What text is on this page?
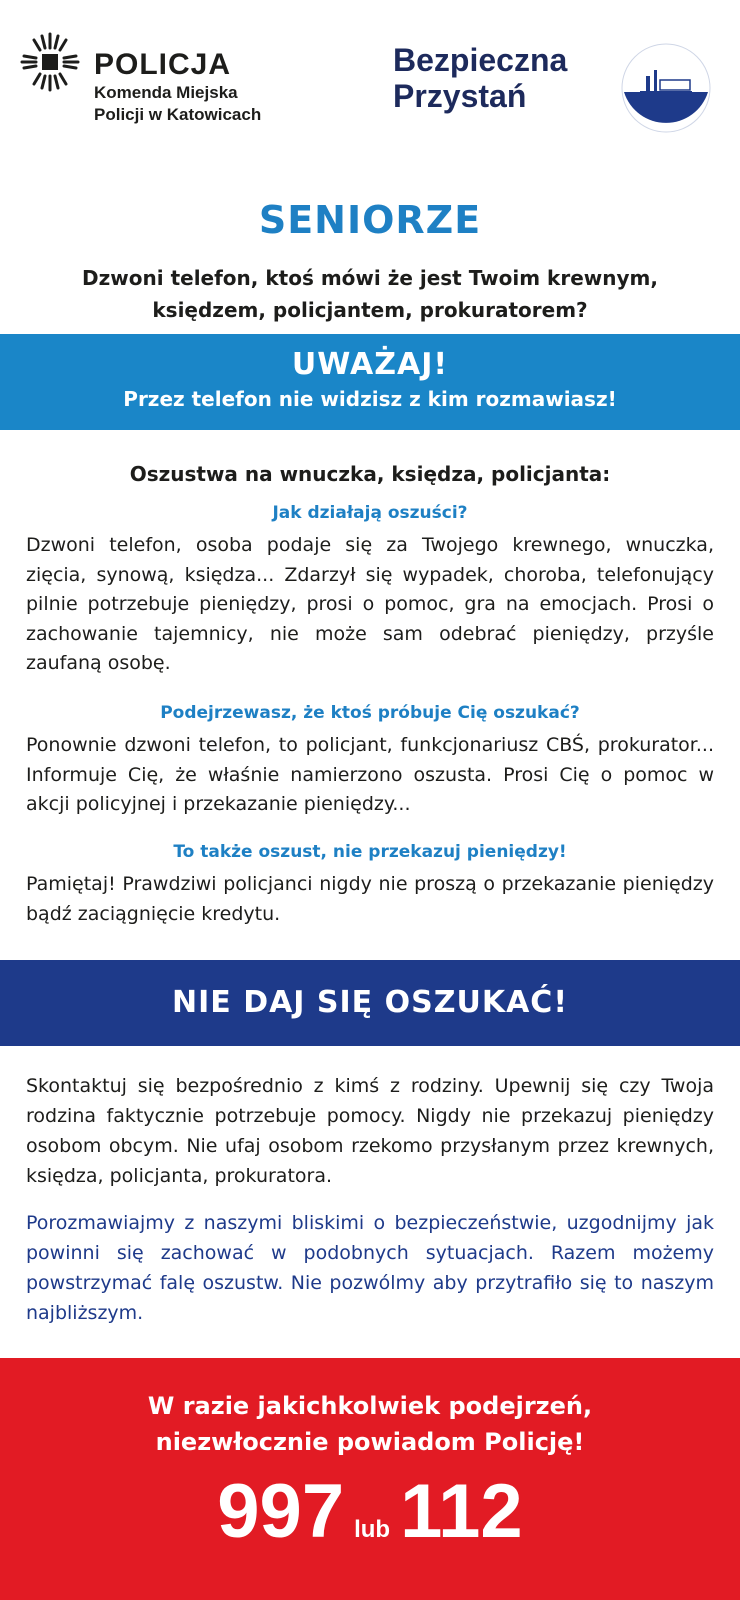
POLICJA
Komenda Miejska
Policji w Katowicach
Bezpieczna
Przystań
SENIORZE
Dzwoni telefon, ktoś mówi że jest Twoim krewnym,
księdzem, policjantem, prokuratorem?
UWAŻAJ!
Przez telefon nie widzisz z kim rozmawiasz!
Oszustwa na wnuczka, księdza, policjanta:
Jak działają oszuści?
Dzwoni telefon, osoba podaje się za Twojego krewnego, wnuczka, zięcia, synową, księdza... Zdarzył się wypadek, choroba, telefonujący pilnie potrzebuje pieniędzy, prosi o pomoc, gra na emocjach. Prosi o zachowanie tajemnicy, nie może sam odebrać pieniędzy, przyśle zaufaną osobę.
Podejrzewasz, że ktoś próbuje Cię oszukać?
Ponownie dzwoni telefon, to policjant, funkcjonariusz CBŚ, prokurator... Informuje Cię, że właśnie namierzono oszusta. Prosi Cię o pomoc w akcji policyjnej i przekazanie pieniędzy...
To także oszust, nie przekazuj pieniędzy!
Pamiętaj! Prawdziwi policjanci nigdy nie proszą o przekazanie pieniędzy bądź zaciągnięcie kredytu.
NIE DAJ SIĘ OSZUKAĆ!
Skontaktuj się bezpośrednio z kimś z rodziny. Upewnij się czy Twoja rodzina faktycznie potrzebuje pomocy. Nigdy nie przekazuj pieniędzy osobom obcym. Nie ufaj osobom rzekomo przysłanym przez krewnych, księdza, policjanta, prokuratora.
Porozmawiajmy z naszymi bliskimi o bezpieczeństwie, uzgodnijmy jak powinni się zachować w podobnych sytuacjach. Razem możemy powstrzymać falę oszustw. Nie pozwólmy aby przytrafiło się to naszym najbliższym.
W razie jakichkolwiek podejrzeń,
niezwłocznie powiadom Policję!
997 lub 112
